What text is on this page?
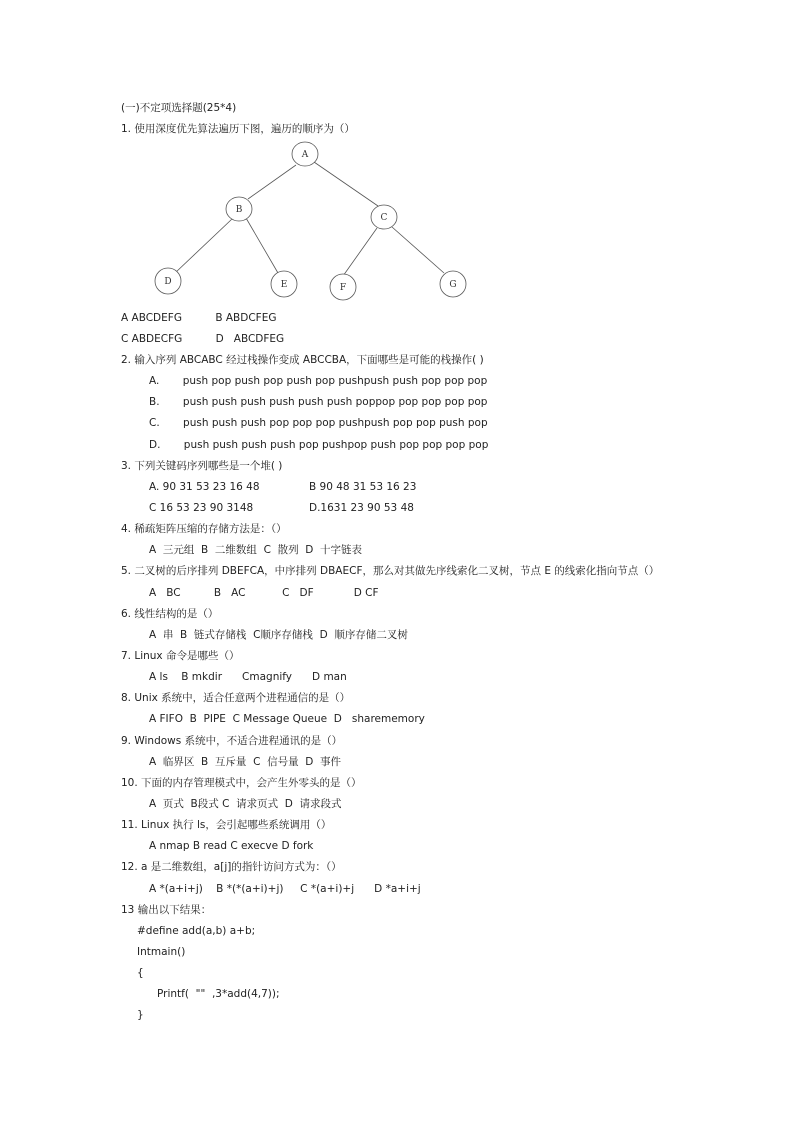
(一)不定项选择题(25*4)
1. 使用深度优先算法遍历下图，遍历的顺序为（）
A
B
C
D	E	F	G
A ABCDEFG          B ABDCFEG
C ABDECFG          D   ABCDFEG
2. 输入序列 ABCABC 经过栈操作变成 ABCCBA，下面哪些是可能的栈操作( )
A.       push pop push pop push pop pushpush push pop pop pop
B.       push push push push push push poppop pop pop pop pop
C.       push push push pop pop pop pushpush pop pop push pop
D.       push push push push pop pushpop push pop pop pop pop
3. 下列关键码序列哪些是一个堆( )
A. 90 31 53 23 16 48	B 90 48 31 53 16 23
C 16 53 23 90 3148	D.1631 23 90 53 48
4. 稀疏矩阵压缩的存储方法是：（）
A  三元组  B  二维数组  C  散列  D  十字链表
5. 二叉树的后序排列 DBEFCA，中序排列 DBAECF，那么对其做先序线索化二叉树，节点 E 的线索化指向节点（）
A   BC          B   AC           C   DF            D CF
6. 线性结构的是（）
A  串  B  链式存储栈  C顺序存储栈  D  顺序存储二叉树
7. Linux 命令是哪些（）
A ls    B mkdir      Cmagnify      D man
8. Unix 系统中，适合任意两个进程通信的是（）
A FIFO  B  PIPE  C Message Queue  D   sharememory
9. Windows 系统中，不适合进程通讯的是（）
A  临界区  B  互斥量  C  信号量  D  事件
10. 下面的内存管理模式中，会产生外零头的是（）
A  页式  B段式 C  请求页式  D  请求段式
11. Linux 执行 ls，会引起哪些系统调用（）
A nmap B read C execve D fork
12. a 是二维数组，a[j]的指针访问方式为：（）
A *(a+i+j)    B *(*(a+i)+j)     C *(a+i)+j      D *a+i+j
13 输出以下结果：
#define add(a,b) a+b;
Intmain()
{
Printf(  ""  ,3*add(4,7));
}
